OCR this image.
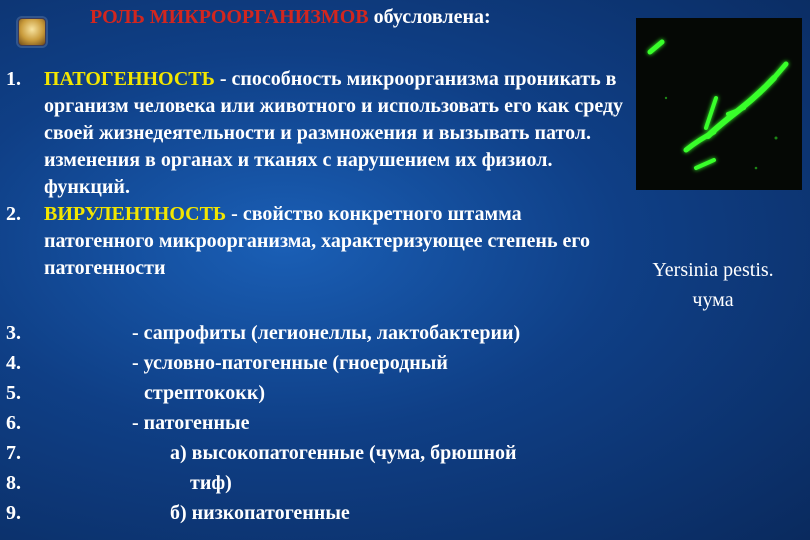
РОЛЬ МИКРООРГАНИЗМОВ обусловлена:
1. ПАТОГЕННОСТЬ - способность микроорганизма проникать в организм человека или животного и использовать его как среду своей жизнедеятельности и размножения и вызывать патол. изменения в органах и тканях с нарушением их физиол. функций.
2. ВИРУЛЕНТНОСТЬ - свойство конкретного штамма патогенного микроорганизма, характеризующее степень его патогенности
3.
4.
5.
6.
7.
8.
9.
- сапрофиты (легионеллы, лактобактерии)
- условно-патогенные (гноеродный
стрептококк)
- патогенные
а) высокопатогенные (чума, брюшной
тиф)
б) низкопатогенные
Yersinia pestis.
чума
